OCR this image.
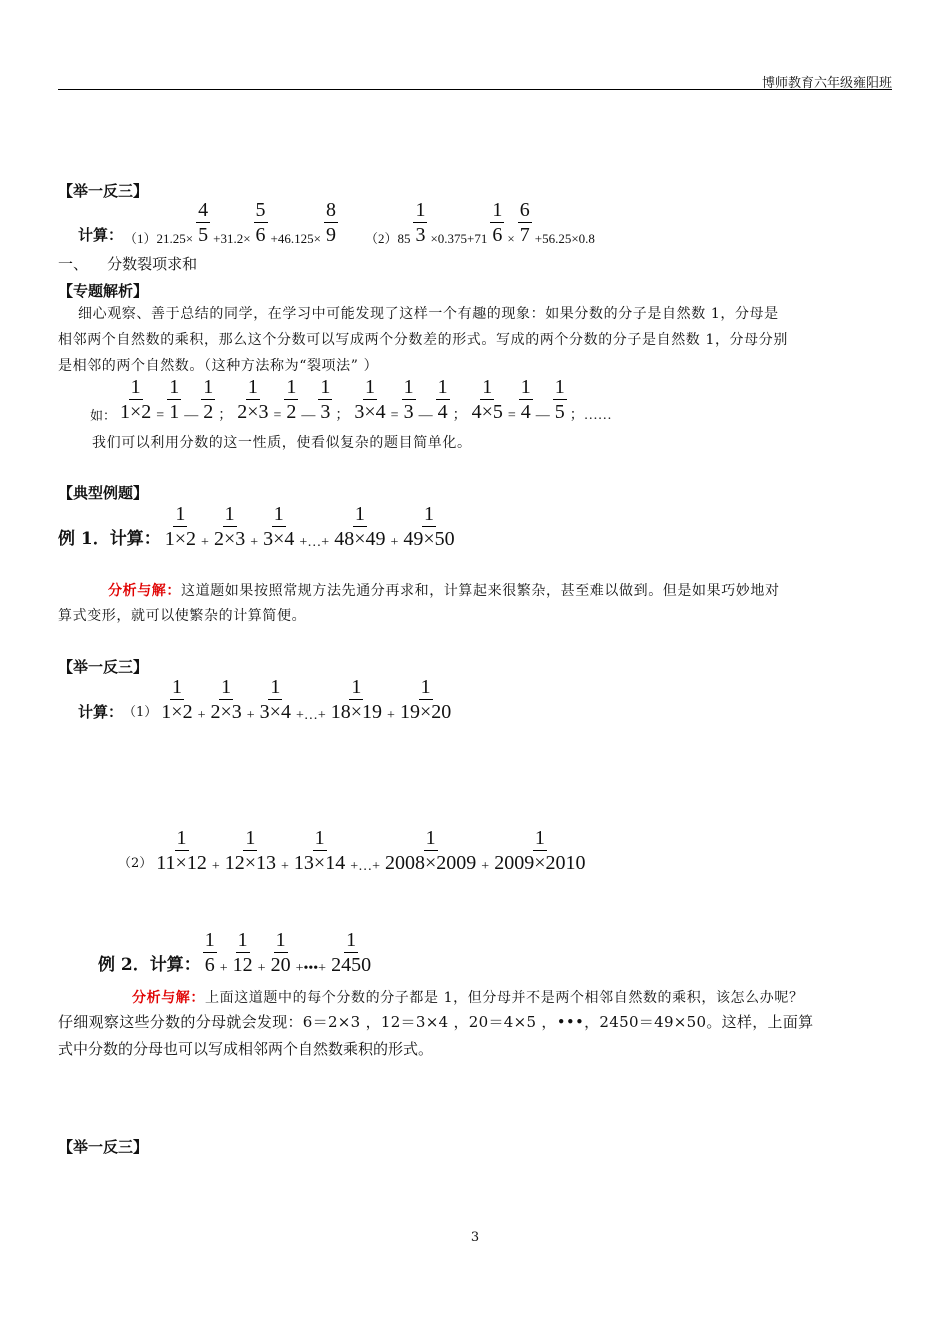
博师教育六年级雍阳班
【举一反三】
计算： $(1)21.25\times \frac{4}{5} +31.2\times \frac{5}{6} +46.125\times \frac{8}{9} (2)85 \frac{1}{3} \times 0.375+71 \frac{1}{6} \times \frac{6}{7} +56.25\times 0.8$
一、    分数裂项求和
【专题解析】
细心观察、善于总结的同学，在学习中可能发现了这样一个有趣的现象：如果分数的分子是自然数 1，分母是
相邻两个自然数的乘积，那么这个分数可以写成两个分数差的形式。写成的两个分数的分子是自然数 1，分母分别
是相邻的两个自然数。（这种方法称为“裂项法” ）
如： $\frac{1}{1\times 2} = \frac{1}{1}$ — $\frac{1}{2}$ ； $\frac{1}{2\times 3} = \frac{1}{2}$ — $\frac{1}{3}$ ； $\frac{1}{3\times 4} = \frac{1}{3}$ — $\frac{1}{4}$ ； $\frac{1}{4\times 5} = \frac{1}{4}$ — $\frac{1}{5}$ ；……
我们可以利用分数的这一性质，使看似复杂的题目简单化。
【典型例题】
例 1．计算： $\frac{1}{1\times 2} + \frac{1}{2\times 3} + \frac{1}{3\times 4}$ +…+ $\frac{1}{48\times 49} + \frac{1}{49\times 50}$
分析与解：这道题如果按照常规方法先通分再求和，计算起来很繁杂，甚至难以做到。但是如果巧妙地对
算式变形，就可以使繁杂的计算简便。
【举一反三】
计算： $(1) \frac{1}{1\times 2} + \frac{1}{2\times 3} + \frac{1}{3\times 4}$ +…+ $\frac{1}{18\times 19} + \frac{1}{19\times 20}$
$(2) \frac{1}{11\times 12} + \frac{1}{12\times 13} + \frac{1}{13\times 14}$ +…+ $\frac{1}{2008\times 2009} + \frac{1}{2009\times 2010}$
例 2．计算： $\frac{1}{6} + \frac{1}{12} + \frac{1}{20}$ +•••+ $\frac{1}{2450}$
分析与解：上面这道题中的每个分数的分子都是 1，但分母并不是两个相邻自然数的乘积，该怎么办呢？
仔细观察这些分数的分母就会发现：6＝2×3 ，12＝3×4 ，20＝4×5 ，•••，2450＝49×50。这样，上面算
式中分数的分母也可以写成相邻两个自然数乘积的形式。
【举一反三】
3
